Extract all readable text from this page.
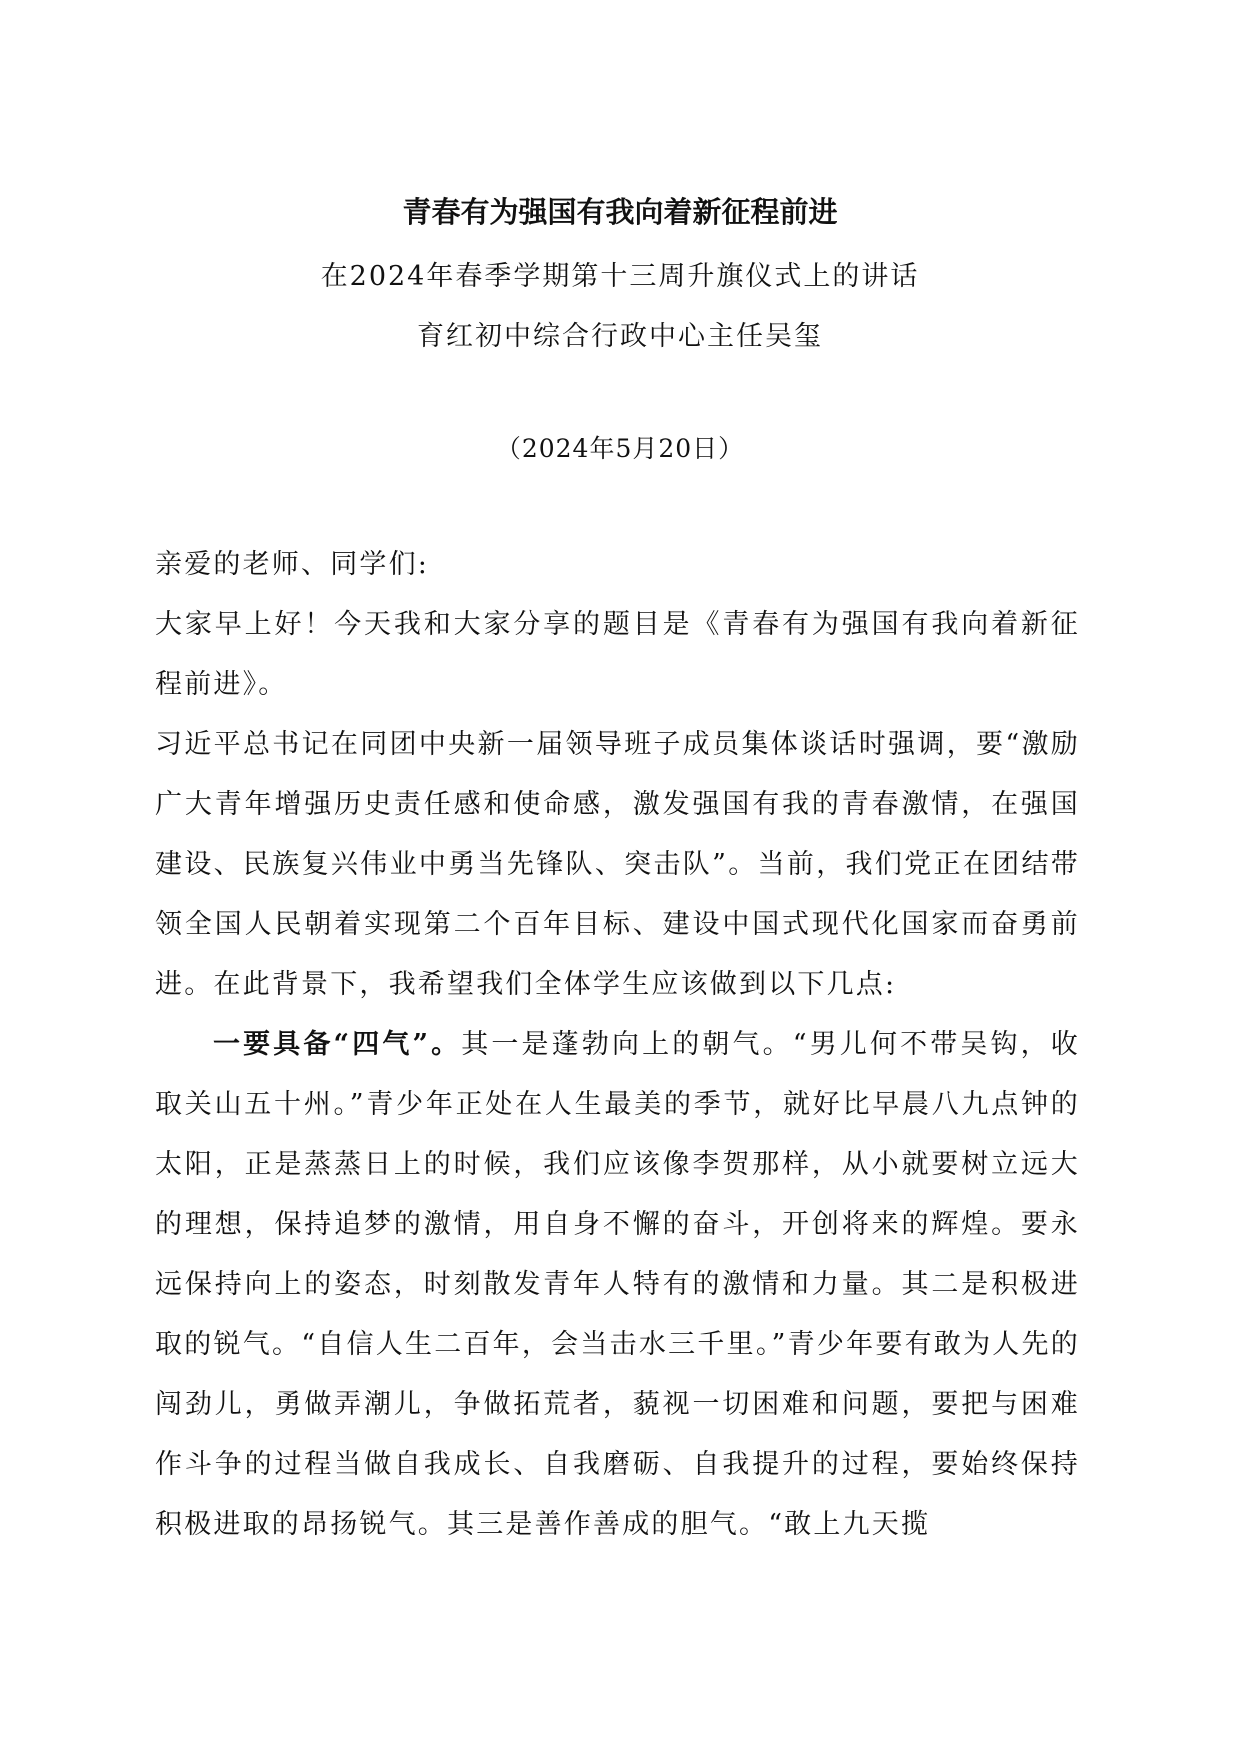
青春有为强国有我向着新征程前进
在2024年春季学期第十三周升旗仪式上的讲话
育红初中综合行政中心主任吴玺
（2024年5月20日）

亲爱的老师、同学们:

大家早上好！今天我和大家分享的题目是《青春有为强国有我向着新征程前进》。

习近平总书记在同团中央新一届领导班子成员集体谈话时强调，要“激励广大青年增强历史责任感和使命感，激发强国有我的青春激情，在强国建设、民族复兴伟业中勇当先锋队、突击队”。当前，我们党正在团结带领全国人民朝着实现第二个百年目标、建设中国式现代化国家而奋勇前进。在此背景下，我希望我们全体学生应该做到以下几点:

一要具备“四气”。其一是蓬勃向上的朝气。“男儿何不带吴钩，收取关山五十州。”青少年正处在人生最美的季节，就好比早晨八九点钟的太阳，正是蒸蒸日上的时候，我们应该像李贺那样，从小就要树立远大的理想，保持追梦的激情，用自身不懈的奋斗，开创将来的辉煌。要永远保持向上的姿态，时刻散发青年人特有的激情和力量。其二是积极进取的锐气。“自信人生二百年，会当击水三千里。”青少年要有敢为人先的闯劲儿，勇做弄潮儿，争做拓荒者，藐视一切困难和问题，要把与困难作斗争的过程当做自我成长、自我磨砺、自我提升的过程，要始终保持积极进取的昂扬锐气。其三是善作善成的胆气。“敢上九天揽
